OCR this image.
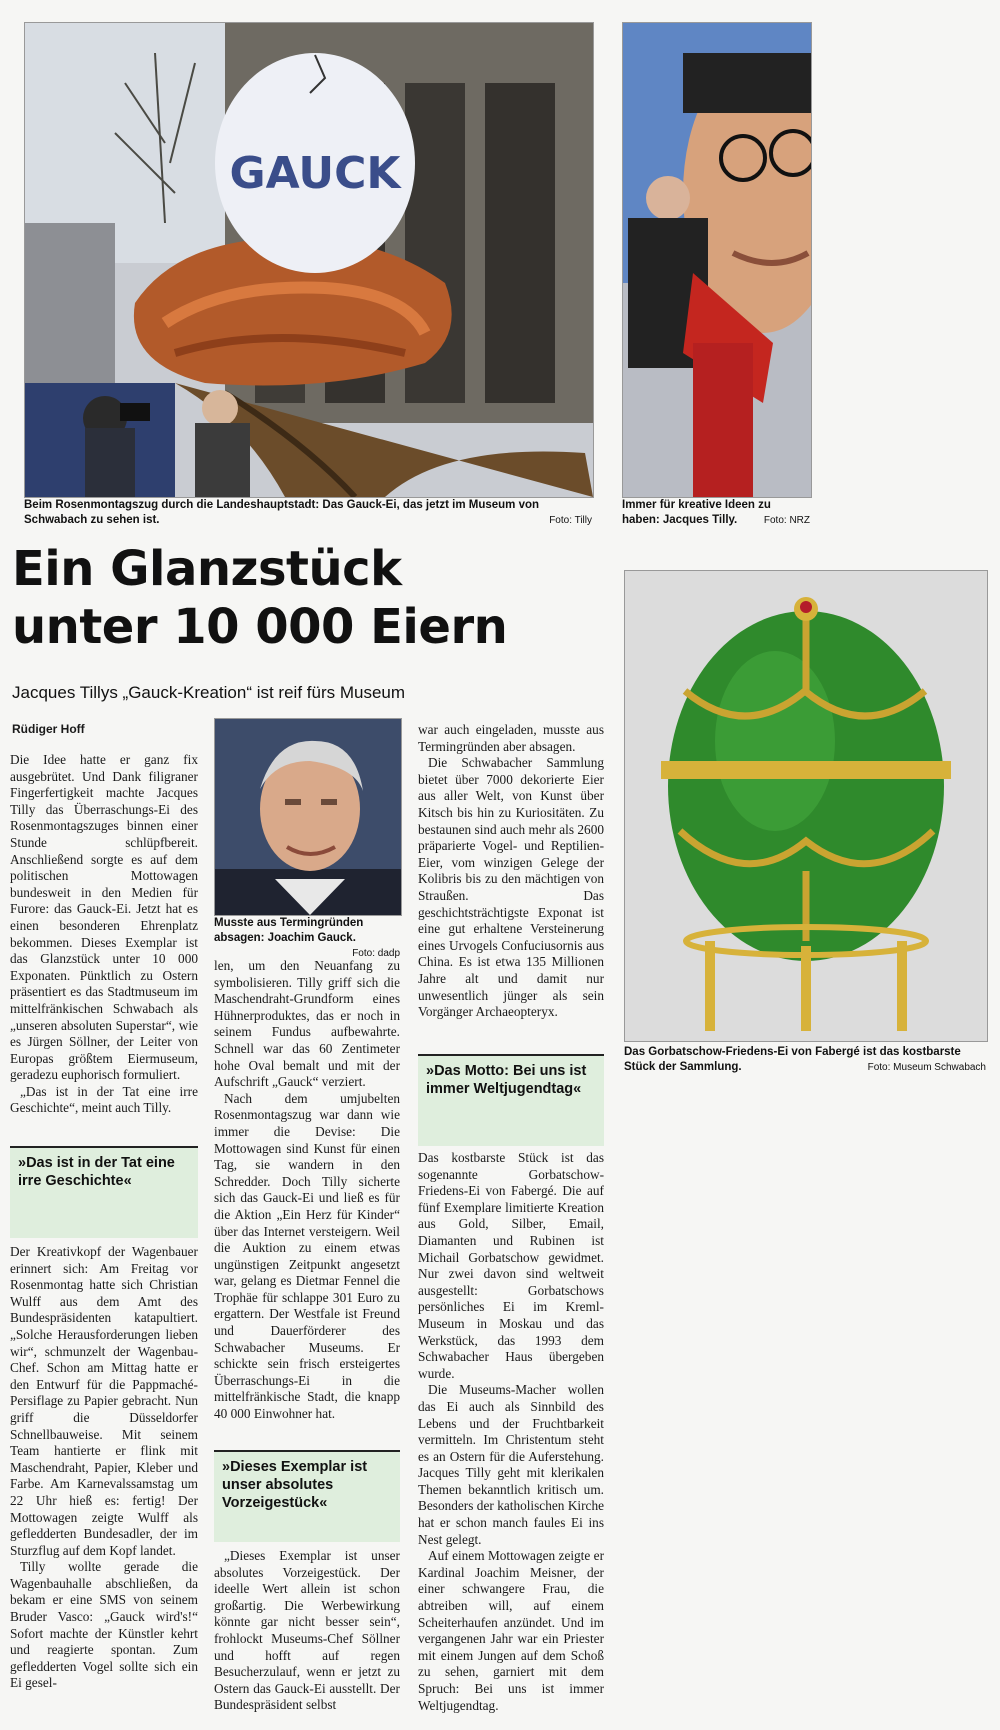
GAUCK
Beim Rosenmontagszug durch die Landeshauptstadt: Das Gauck-Ei, das jetzt im Museum von Schwabach zu sehen ist.	Foto: Tilly
Immer für kreative Ideen zu haben: Jacques Tilly.	Foto: NRZ
Das Gorbatschow-Friedens-Ei von Fabergé ist das kostbarste Stück der Sammlung.	Foto: Museum Schwabach
Ein Glanzstück
unter 10 000 Eiern
Jacques Tillys „Gauck-Kreation“ ist reif fürs Museum
Rüdiger Hoff

Die Idee hatte er ganz fix ausgebrütet. Und Dank filigraner Fingerfertigkeit machte Jacques Tilly das Überraschungs-Ei des Rosenmontagszuges binnen einer Stunde schlüpfbereit. Anschließend sorgte es auf dem politischen Mottowagen bundesweit in den Medien für Furore: das Gauck-Ei. Jetzt hat es einen besonderen Ehrenplatz bekommen. Dieses Exemplar ist das Glanzstück unter 10 000 Exponaten. Pünktlich zu Ostern präsentiert es das Stadtmuseum im mittelfränkischen Schwabach als „unseren absoluten Superstar“, wie es Jürgen Söllner, der Leiter von Europas größtem Eiermuseum, geradezu euphorisch formuliert.

„Das ist in der Tat eine irre Geschichte“, meint auch Tilly.

»Das ist in der Tat eine irre Geschichte«

Der Kreativkopf der Wagenbauer erinnert sich: Am Freitag vor Rosenmontag hatte sich Christian Wulff aus dem Amt des Bundespräsidenten katapultiert. „Solche Herausforderungen lieben wir“, schmunzelt der Wagenbau-Chef. Schon am Mittag hatte er den Entwurf für die Pappmaché-Persiflage zu Papier gebracht. Nun griff die Düsseldorfer Schnellbauweise. Mit seinem Team hantierte er flink mit Maschendraht, Papier, Kleber und Farbe. Am Karnevalssamstag um 22 Uhr hieß es: fertig! Der Mottowagen zeigte Wulff als gefledderten Bundesadler, der im Sturzflug auf dem Kopf landet.

Tilly wollte gerade die Wagenbauhalle abschließen, da bekam er eine SMS von seinem Bruder Vasco: „Gauck wird's!“ Sofort machte der Künstler kehrt und reagierte spontan. Zum gefledderten Vogel sollte sich ein Ei gesel-

Musste aus Termingründen absagen: Joachim Gauck.
Foto: dadp

len, um den Neuanfang zu symbolisieren. Tilly griff sich die Maschendraht-Grundform eines Hühnerproduktes, das er noch in seinem Fundus aufbewahrte. Schnell war das 60 Zentimeter hohe Oval bemalt und mit der Aufschrift „Gauck“ verziert.

Nach dem umjubelten Rosenmontagszug war dann wie immer die Devise: Die Mottowagen sind Kunst für einen Tag, sie wandern in den Schredder. Doch Tilly sicherte sich das Gauck-Ei und ließ es für die Aktion „Ein Herz für Kinder“ über das Internet versteigern. Weil die Auktion zu einem etwas ungünstigen Zeitpunkt angesetzt war, gelang es Dietmar Fennel die Trophäe für schlappe 301 Euro zu ergattern. Der Westfale ist Freund und Dauerförderer des Schwabacher Museums. Er schickte sein frisch ersteigertes Überraschungs-Ei in die mittelfränkische Stadt, die knapp 40 000 Einwohner hat.

»Dieses Exemplar ist unser absolutes Vorzeigestück«

„Dieses Exemplar ist unser absolutes Vorzeigestück. Der ideelle Wert allein ist schon großartig. Die Werbewirkung könnte gar nicht besser sein“, frohlockt Museums-Chef Söllner und hofft auf regen Besucherzulauf, wenn er jetzt zu Ostern das Gauck-Ei ausstellt. Der Bundespräsident selbst

war auch eingeladen, musste aus Termingründen aber absagen.

Die Schwabacher Sammlung bietet über 7000 dekorierte Eier aus aller Welt, von Kunst über Kitsch bis hin zu Kuriositäten. Zu bestaunen sind auch mehr als 2600 präparierte Vogel- und Reptilien-Eier, vom winzigen Gelege der Kolibris bis zu den mächtigen von Straußen. Das geschichtsträchtigste Exponat ist eine gut erhaltene Versteinerung eines Urvogels Confuciusornis aus China. Es ist etwa 135 Millionen Jahre alt und damit nur unwesentlich jünger als sein Vorgänger Archaeopteryx.

»Das Motto: Bei uns ist immer Weltjugendtag«

Das kostbarste Stück ist das sogenannte Gorbatschow-Friedens-Ei von Fabergé. Die auf fünf Exemplare limitierte Kreation aus Gold, Silber, Email, Diamanten und Rubinen ist Michail Gorbatschow gewidmet. Nur zwei davon sind weltweit ausgestellt: Gorbatschows persönliches Ei im Kreml-Museum in Moskau und das Werkstück, das 1993 dem Schwabacher Haus übergeben wurde.

Die Museums-Macher wollen das Ei auch als Sinnbild des Lebens und der Fruchtbarkeit vermitteln. Im Christentum steht es an Ostern für die Auferstehung. Jacques Tilly geht mit klerikalen Themen bekanntlich kritisch um. Besonders der katholischen Kirche hat er schon manch faules Ei ins Nest gelegt.

Auf einem Mottowagen zeigte er Kardinal Joachim Meisner, der einer schwangere Frau, die abtreiben will, auf einem Scheiterhaufen anzündet. Und im vergangenen Jahr war ein Priester mit einem Jungen auf dem Schoß zu sehen, garniert mit dem Spruch: Bei uns ist immer Weltjugendtag.
